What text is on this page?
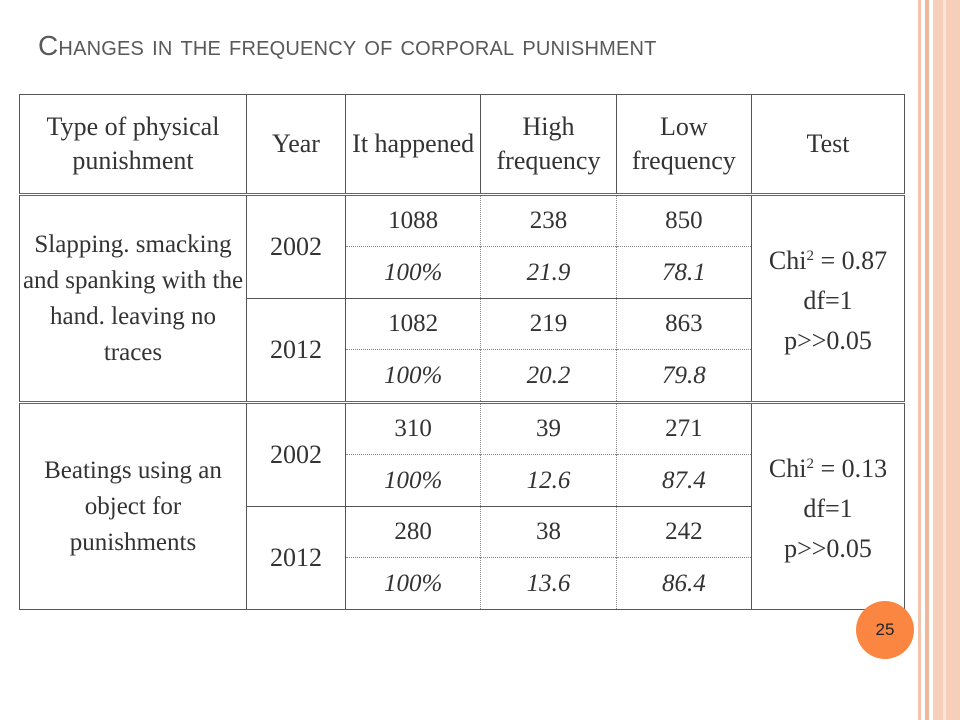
Changes in the frequency of corporal punishment
Type of physical punishment	Year	It happened	High frequency	Low frequency	Test
Slapping. smacking and spanking with the hand. leaving no traces	2002	1088	238	850	Chi$^2$ = 0.87
df=1
p>>0.05
		100%	21.9	78.1	
	2012	1082	219	863	
		100%	20.2	79.8	
Beatings using an object for punishments	2002	310	39	271	Chi$^2$ = 0.13
df=1
p>>0.05
		100%	12.6	87.4	
	2012	280	38	242	
		100%	13.6	86.4	
25
